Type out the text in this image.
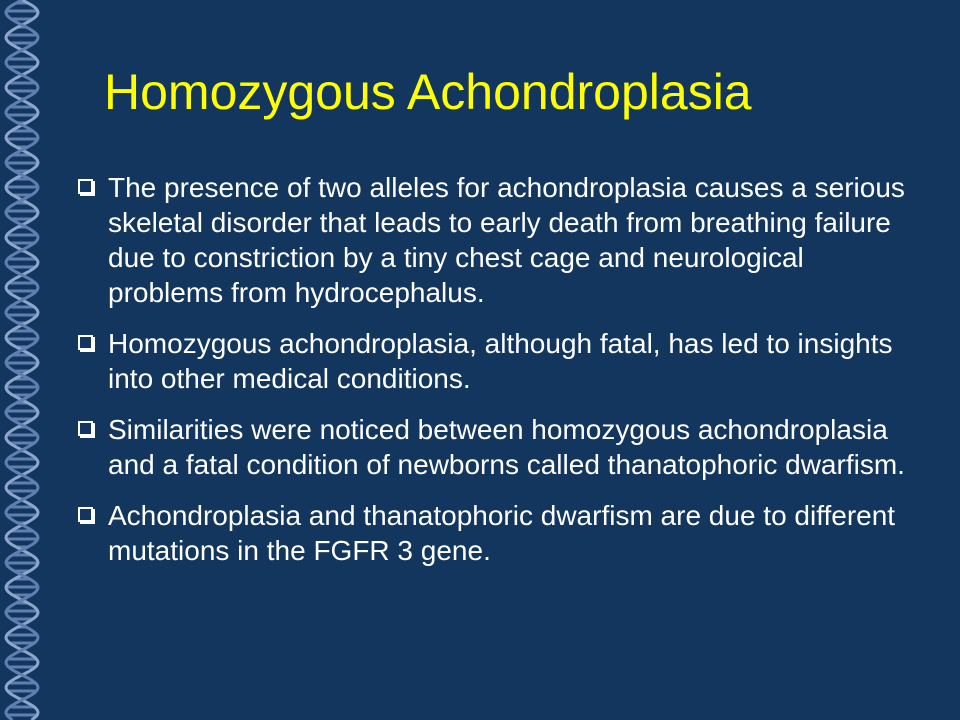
Homozygous Achondroplasia
The presence of two alleles for achondroplasia causes a serious skeletal disorder that leads to early death from breathing failure due to constriction by a tiny chest cage and neurological problems from hydrocephalus.
Homozygous achondroplasia, although fatal, has led to insights into other medical conditions.
Similarities were noticed between homozygous achondroplasia and a fatal condition of newborns called thanatophoric dwarfism.
Achondroplasia and thanatophoric dwarfism are due to different mutations in the FGFR 3 gene.
